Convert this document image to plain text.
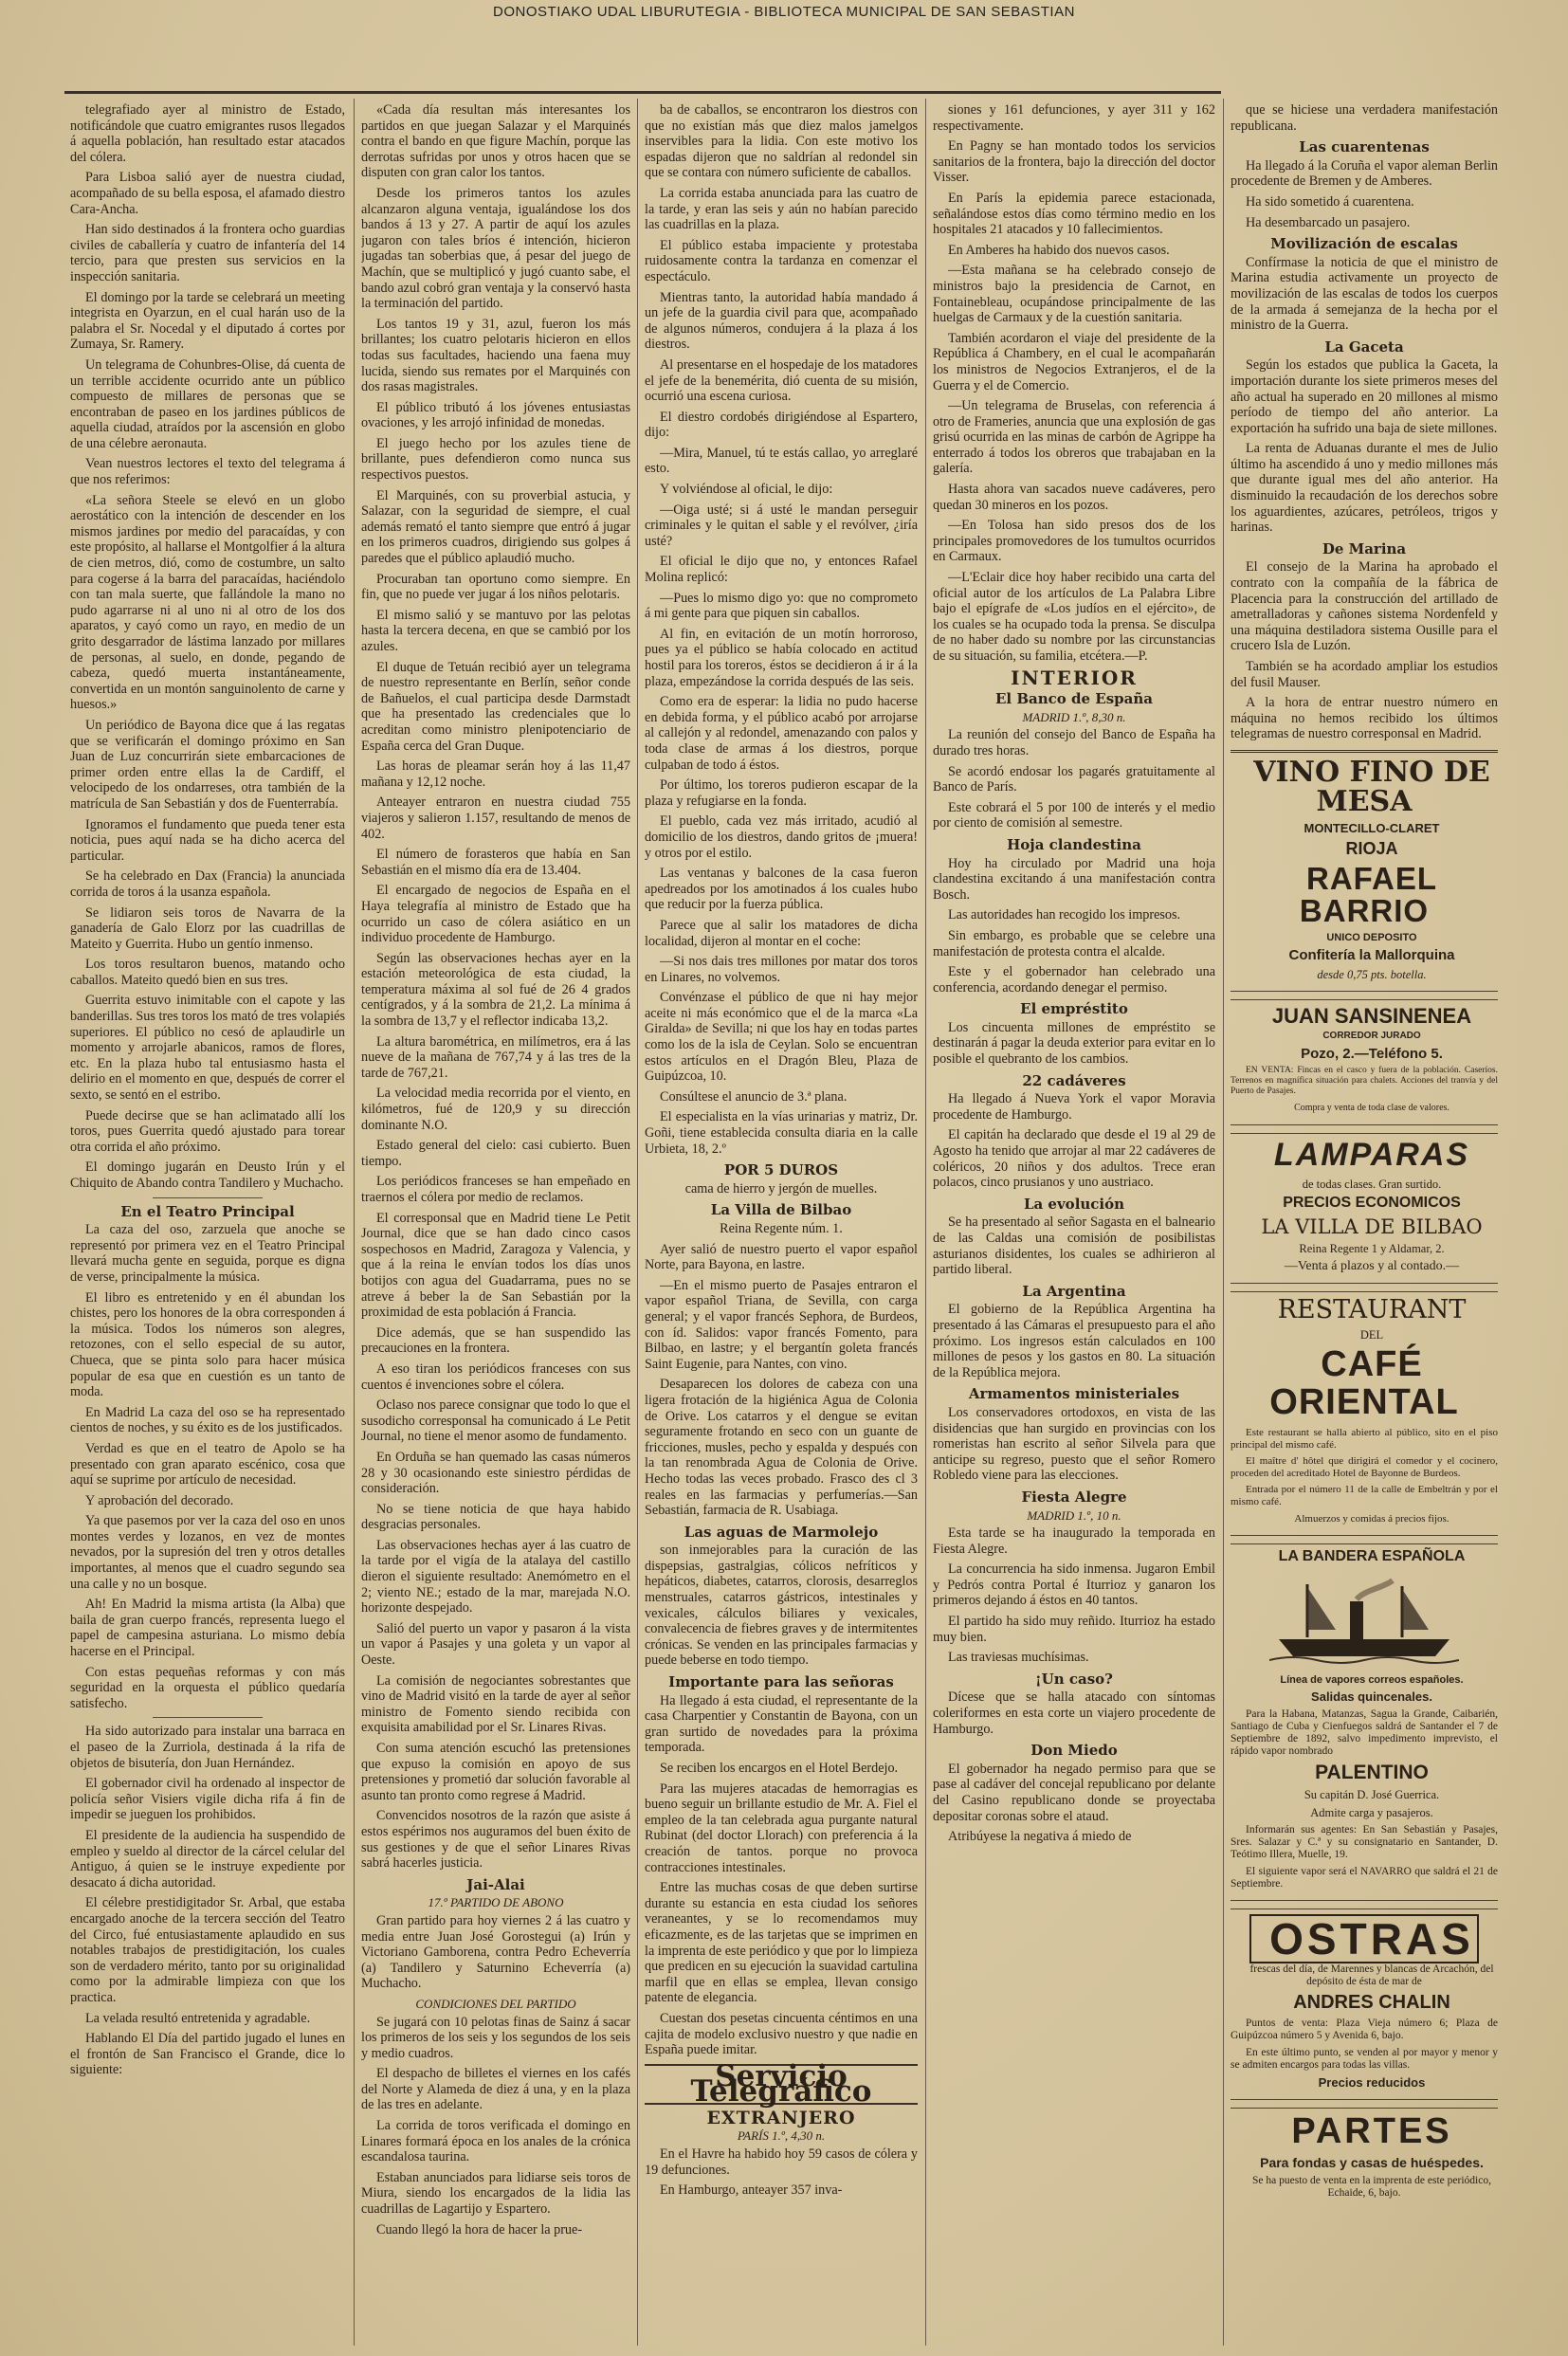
DONOSTIAKO UDAL LIBURUTEGIA - BIBLIOTECA MUNICIPAL DE SAN SEBASTIAN

telegrafiado ayer al ministro de Estado, notificándole que cuatro emigrantes rusos llegados á aquella población, han resultado estar atacados del cólera.

Para Lisboa salió ayer de nuestra ciudad, acompañado de su bella esposa, el afamado diestro Cara-Ancha.

Han sido destinados á la frontera ocho guardias civiles de caballería y cuatro de infantería del 14 tercio, para que presten sus servicios en la inspección sanitaria.

El domingo por la tarde se celebrará un meeting integrista en Oyarzun, en el cual harán uso de la palabra el Sr. Nocedal y el diputado á cortes por Zumaya, Sr. Ramery.

Un telegrama de Cohunbres-Olise, dá cuenta de un terrible accidente ocurrido ante un público compuesto de millares de personas que se encontraban de paseo en los jardines públicos de aquella ciudad, atraídos por la ascensión en globo de una célebre aeronauta.

Vean nuestros lectores el texto del telegrama á que nos referimos:

«La señora Steele se elevó en un globo aerostático con la intención de descender en los mismos jardines por medio del paracaídas, y con este propósito, al hallarse el Montgolfier á la altura de cien metros, dió, como de costumbre, un salto para cogerse á la barra del paracaídas, haciéndolo con tan mala suerte, que fallándole la mano no pudo agarrarse ni al uno ni al otro de los dos aparatos, y cayó como un rayo, en medio de un grito desgarrador de lástima lanzado por millares de personas, al suelo, en donde, pegando de cabeza, quedó muerta instantáneamente, convertida en un montón sanguinolento de carne y huesos.»

Un periódico de Bayona dice que á las regatas que se verificarán el domingo próximo en San Juan de Luz concurrirán siete embarcaciones de primer orden entre ellas la de Cardiff, el velocipedo de los ondarreses, otra también de la matrícula de San Sebastián y dos de Fuenterrabía.

Ignoramos el fundamento que pueda tener esta noticia, pues aquí nada se ha dicho acerca del particular.

Se ha celebrado en Dax (Francia) la anunciada corrida de toros á la usanza española.

Se lidiaron seis toros de Navarra de la ganadería de Galo Elorz por las cuadrillas de Mateito y Guerrita. Hubo un gentío inmenso.

Los toros resultaron buenos, matando ocho caballos. Mateito quedó bien en sus tres.

Guerrita estuvo inimitable con el capote y las banderillas. Sus tres toros los mató de tres volapiés superiores. El público no cesó de aplaudirle un momento y arrojarle abanicos, ramos de flores, etc. En la plaza hubo tal entusiasmo hasta el delirio en el momento en que, después de correr el sexto, se sentó en el estribo.

Puede decirse que se han aclimatado allí los toros, pues Guerrita quedó ajustado para torear otra corrida el año próximo.

El domingo jugarán en Deusto Irún y el Chiquito de Abando contra Tandilero y Muchacho.

En el Teatro Principal

La caza del oso, zarzuela que anoche se representó por primera vez en el Teatro Principal llevará mucha gente en seguida, porque es digna de verse, principalmente la música.

El libro es entretenido y en él abundan los chistes, pero los honores de la obra corresponden á la música. Todos los números son alegres, retozones, con el sello especial de su autor, Chueca, que se pinta solo para hacer música popular de esa que en cuestión es un tanto de moda.

En Madrid La caza del oso se ha representado cientos de noches, y su éxito es de los justificados.

Verdad es que en el teatro de Apolo se ha presentado con gran aparato escénico, cosa que aquí se suprime por artículo de necesidad.

Y aprobación del decorado.

Ya que pasemos por ver la caza del oso en unos montes verdes y lozanos, en vez de montes nevados, por la supresión del tren y otros detalles importantes, al menos que el cuadro segundo sea una calle y no un bosque.

Ah! En Madrid la misma artista (la Alba) que baila de gran cuerpo francés, representa luego el papel de campesina asturiana. Lo mismo debía hacerse en el Principal.

Con estas pequeñas reformas y con más seguridad en la orquesta el público quedaría satisfecho.

Ha sido autorizado para instalar una barraca en el paseo de la Zurriola, destinada á la rifa de objetos de bisutería, don Juan Hernández.

El gobernador civil ha ordenado al inspector de policía señor Visiers vigile dicha rifa á fin de impedir se jueguen los prohibidos.

El presidente de la audiencia ha suspendido de empleo y sueldo al director de la cárcel celular del Antiguo, á quien se le instruye expediente por desacato á dicha autoridad.

El célebre prestidigitador Sr. Arbal, que estaba encargado anoche de la tercera sección del Teatro del Circo, fué entusiastamente aplaudido en sus notables trabajos de prestidigitación, los cuales son de verdadero mérito, tanto por su originalidad como por la admirable limpieza con que los practica.

La velada resultó entretenida y agradable.

Hablando El Día del partido jugado el lunes en el frontón de San Francisco el Grande, dice lo siguiente:

«Cada día resultan más interesantes los partidos en que juegan Salazar y el Marquinés contra el bando en que figure Machín, porque las derrotas sufridas por unos y otros hacen que se disputen con gran calor los tantos.

Desde los primeros tantos los azules alcanzaron alguna ventaja, igualándose los dos bandos á 13 y 27. A partir de aquí los azules jugaron con tales bríos é intención, hicieron jugadas tan soberbias que, á pesar del juego de Machín, que se multiplicó y jugó cuanto sabe, el bando azul cobró gran ventaja y la conservó hasta la terminación del partido.

Los tantos 19 y 31, azul, fueron los más brillantes; los cuatro pelotaris hicieron en ellos todas sus facultades, haciendo una faena muy lucida, siendo sus remates por el Marquinés con dos rasas magistrales.

El público tributó á los jóvenes entusiastas ovaciones, y les arrojó infinidad de monedas.

El juego hecho por los azules tiene de brillante, pues defendieron como nunca sus respectivos puestos.

El Marquinés, con su proverbial astucia, y Salazar, con la seguridad de siempre, el cual además remató el tanto siempre que entró á jugar en los primeros cuadros, dirigiendo sus golpes á paredes que el público aplaudió mucho.

Procuraban tan oportuno como siempre. En fin, que no puede ver jugar á los niños pelotaris.

El mismo salió y se mantuvo por las pelotas hasta la tercera decena, en que se cambió por los azules.

El duque de Tetuán recibió ayer un telegrama de nuestro representante en Berlín, señor conde de Bañuelos, el cual participa desde Darmstadt que ha presentado las credenciales que lo acreditan como ministro plenipotenciario de España cerca del Gran Duque.

Las horas de pleamar serán hoy á las 11,47 mañana y 12,12 noche.

Anteayer entraron en nuestra ciudad 755 viajeros y salieron 1.157, resultando de menos de 402.

El número de forasteros que había en San Sebastián en el mismo día era de 13.404.

El encargado de negocios de España en el Haya telegrafía al ministro de Estado que ha ocurrido un caso de cólera asiático en un individuo procedente de Hamburgo.

Según las observaciones hechas ayer en la estación meteorológica de esta ciudad, la temperatura máxima al sol fué de 26 4 grados centígrados, y á la sombra de 21,2. La mínima á la sombra de 13,7 y el reflector indicaba 13,2.

La altura barométrica, en milímetros, era á las nueve de la mañana de 767,74 y á las tres de la tarde de 767,21.

La velocidad media recorrida por el viento, en kilómetros, fué de 120,9 y su dirección dominante N.O.

Estado general del cielo: casi cubierto. Buen tiempo.

Los periódicos franceses se han empeñado en traernos el cólera por medio de reclamos.

El corresponsal que en Madrid tiene Le Petit Journal, dice que se han dado cinco casos sospechosos en Madrid, Zaragoza y Valencia, y que á la reina le envían todos los días unos botijos con agua del Guadarrama, pues no se atreve á beber la de San Sebastián por la proximidad de esta población á Francia.

Dice además, que se han suspendido las precauciones en la frontera.

A eso tiran los periódicos franceses con sus cuentos é invenciones sobre el cólera.

Oclaso nos parece consignar que todo lo que el susodicho corresponsal ha comunicado á Le Petit Journal, no tiene el menor asomo de fundamento.

En Orduña se han quemado las casas números 28 y 30 ocasionando este siniestro pérdidas de consideración.

No se tiene noticia de que haya habido desgracias personales.

Las observaciones hechas ayer á las cuatro de la tarde por el vigía de la atalaya del castillo dieron el siguiente resultado: Anemómetro en el 2; viento NE.; estado de la mar, marejada N.O. horizonte despejado.

Salió del puerto un vapor y pasaron á la vista un vapor á Pasajes y una goleta y un vapor al Oeste.

La comisión de negociantes sobrestantes que vino de Madrid visitó en la tarde de ayer al señor ministro de Fomento siendo recibida con exquisita amabilidad por el Sr. Linares Rivas.

Con suma atención escuchó las pretensiones que expuso la comisión en apoyo de sus pretensiones y prometió dar solución favorable al asunto tan pronto como regrese á Madrid.

Convencidos nosotros de la razón que asiste á estos espérimos nos auguramos del buen éxito de sus gestiones y de que el señor Linares Rivas sabrá hacerles justicia.

Jai-Alai
17.º PARTIDO DE ABONO

Gran partido para hoy viernes 2 á las cuatro y media entre Juan José Gorostegui (a) Irún y Victoriano Gamborena, contra Pedro Echeverría (a) Tandilero y Saturnino Echeverría (a) Muchacho.

CONDICIONES DEL PARTIDO

Se jugará con 10 pelotas finas de Sainz á sacar los primeros de los seis y los segundos de los seis y medio cuadros.

El despacho de billetes el viernes en los cafés del Norte y Alameda de diez á una, y en la plaza de las tres en adelante.

La corrida de toros verificada el domingo en Linares formará época en los anales de la crónica escandalosa taurina.

Estaban anunciados para lidiarse seis toros de Miura, siendo los encargados de la lidia las cuadrillas de Lagartijo y Espartero.

Cuando llegó la hora de hacer la prue-

ba de caballos, se encontraron los diestros con que no existían más que diez malos jamelgos inservibles para la lidia. Con este motivo los espadas dijeron que no saldrían al redondel sin que se contara con número suficiente de caballos.

La corrida estaba anunciada para las cuatro de la tarde, y eran las seis y aún no habían parecido las cuadrillas en la plaza.

El público estaba impaciente y protestaba ruidosamente contra la tardanza en comenzar el espectáculo.

Mientras tanto, la autoridad había mandado á un jefe de la guardia civil para que, acompañado de algunos números, condujera á la plaza á los diestros.

Al presentarse en el hospedaje de los matadores el jefe de la benemérita, dió cuenta de su misión, ocurrió una escena curiosa.

El diestro cordobés dirigiéndose al Espartero, dijo:

—Mira, Manuel, tú te estás callao, yo arreglaré esto.

Y volviéndose al oficial, le dijo:

—Oiga usté; si á usté le mandan perseguir criminales y le quitan el sable y el revólver, ¿iría usté?

El oficial le dijo que no, y entonces Rafael Molina replicó:

—Pues lo mismo digo yo: que no comprometo á mi gente para que piquen sin caballos.

Al fin, en evitación de un motín horroroso, pues ya el público se había colocado en actitud hostil para los toreros, éstos se decidieron á ir á la plaza, empezándose la corrida después de las seis.

Como era de esperar: la lidia no pudo hacerse en debida forma, y el público acabó por arrojarse al callejón y al redondel, amenazando con palos y toda clase de armas á los diestros, porque culpaban de todo á éstos.

Por último, los toreros pudieron escapar de la plaza y refugiarse en la fonda.

El pueblo, cada vez más irritado, acudió al domicilio de los diestros, dando gritos de ¡muera! y otros por el estilo.

Las ventanas y balcones de la casa fueron apedreados por los amotinados á los cuales hubo que reducir por la fuerza pública.

Parece que al salir los matadores de dicha localidad, dijeron al montar en el coche:

—Si nos dais tres millones por matar dos toros en Linares, no volvemos.

Convénzase el público de que ni hay mejor aceite ni más económico que el de la marca «La Giralda» de Sevilla; ni que los hay en todas partes como los de la isla de Ceylan. Solo se encuentran estos artículos en el Dragón Bleu, Plaza de Guipúzcoa, 10.

Consúltese el anuncio de 3.ª plana.

El especialista en la vías urinarias y matriz, Dr. Goñi, tiene establecida consulta diaria en la calle Urbieta, 18, 2.º

POR 5 DUROS

cama de hierro y jergón de muelles.

La Villa de Bilbao

Reina Regente núm. 1.

Ayer salió de nuestro puerto el vapor español Norte, para Bayona, en lastre.

—En el mismo puerto de Pasajes entraron el vapor español Triana, de Sevilla, con carga general; y el vapor francés Sephora, de Burdeos, con íd. Salidos: vapor francés Fomento, para Bilbao, en lastre; y el bergantín goleta francés Saint Eugenie, para Nantes, con vino.

Desaparecen los dolores de cabeza con una ligera frotación de la higiénica Agua de Colonia de Orive. Los catarros y el dengue se evitan seguramente frotando en seco con un guante de fricciones, musles, pecho y espalda y después con la tan renombrada Agua de Colonia de Orive. Hecho todas las veces probado. Frasco des cl 3 reales en las farmacias y perfumerías.—San Sebastián, farmacia de R. Usabiaga.

Las aguas de Marmolejo

son inmejorables para la curación de las dispepsias, gastralgias, cólicos nefríticos y hepáticos, diabetes, catarros, clorosis, desarreglos menstruales, catarros gástricos, intestinales y vexicales, cálculos biliares y vexicales, convalecencia de fiebres graves y de intermitentes crónicas. Se venden en las principales farmacias y puede beberse en todo tiempo.

Importante para las señoras

Ha llegado á esta ciudad, el representante de la casa Charpentier y Constantin de Bayona, con un gran surtido de novedades para la próxima temporada.

Se reciben los encargos en el Hotel Berdejo.

Para las mujeres atacadas de hemorragias es bueno seguir un brillante estudio de Mr. A. Fiel el empleo de la tan celebrada agua purgante natural Rubinat (del doctor Llorach) con preferencia á la creación de tantos. porque no provoca contracciones intestinales.

Entre las muchas cosas de que deben surtirse durante su estancia en esta ciudad los señores veraneantes, y se lo recomendamos muy eficazmente, es de las tarjetas que se imprimen en la imprenta de este periódico y que por lo limpieza que predicen en su ejecución la suavidad cartulina marfil que en ellas se emplea, llevan consigo patente de elegancia.

Cuestan dos pesetas cincuenta céntimos en una cajita de modelo exclusivo nuestro y que nadie en España puede imitar.

Servicio Telegráfico
EXTRANJERO
PARÍS 1.º, 4,30 n.

En el Havre ha habido hoy 59 casos de cólera y 19 defunciones.

En Hamburgo, anteayer 357 inva-

siones y 161 defunciones, y ayer 311 y 162 respectivamente.

En Pagny se han montado todos los servicios sanitarios de la frontera, bajo la dirección del doctor Visser.

En París la epidemia parece estacionada, señalándose estos días como término medio en los hospitales 21 atacados y 10 fallecimientos.

En Amberes ha habido dos nuevos casos.

—Esta mañana se ha celebrado consejo de ministros bajo la presidencia de Carnot, en Fontainebleau, ocupándose principalmente de las huelgas de Carmaux y de la cuestión sanitaria.

También acordaron el viaje del presidente de la República á Chambery, en el cual le acompañarán los ministros de Negocios Extranjeros, el de la Guerra y el de Comercio.

—Un telegrama de Bruselas, con referencia á otro de Frameries, anuncia que una explosión de gas grisú ocurrida en las minas de carbón de Agrippe ha enterrado á todos los obreros que trabajaban en la galería.

Hasta ahora van sacados nueve cadáveres, pero quedan 30 mineros en los pozos.

—En Tolosa han sido presos dos de los principales promovedores de los tumultos ocurridos en Carmaux.

—L'Eclair dice hoy haber recibido una carta del oficial autor de los artículos de La Palabra Libre bajo el epígrafe de «Los judíos en el ejército», de los cuales se ha ocupado toda la prensa. Se disculpa de no haber dado su nombre por las circunstancias de su situación, su familia, etcétera.—P.

INTERIOR
El Banco de España
MADRID 1.º, 8,30 n.

La reunión del consejo del Banco de España ha durado tres horas.

Se acordó endosar los pagarés gratuitamente al Banco de París.

Este cobrará el 5 por 100 de interés y el medio por ciento de comisión al semestre.

Hoja clandestina

Hoy ha circulado por Madrid una hoja clandestina excitando á una manifestación contra Bosch.

Las autoridades han recogido los impresos.

Sin embargo, es probable que se celebre una manifestación de protesta contra el alcalde.

Este y el gobernador han celebrado una conferencia, acordando denegar el permiso.

El empréstito

Los cincuenta millones de empréstito se destinarán á pagar la deuda exterior para evitar en lo posible el quebranto de los cambios.

22 cadáveres

Ha llegado á Nueva York el vapor Moravia procedente de Hamburgo.

El capitán ha declarado que desde el 19 al 29 de Agosto ha tenido que arrojar al mar 22 cadáveres de coléricos, 20 niños y dos adultos. Trece eran polacos, cinco prusianos y uno austriaco.

La evolución

Se ha presentado al señor Sagasta en el balneario de las Caldas una comisión de posibilistas asturianos disidentes, los cuales se adhirieron al partido liberal.

La Argentina

El gobierno de la República Argentina ha presentado á las Cámaras el presupuesto para el año próximo. Los ingresos están calculados en 100 millones de pesos y los gastos en 80. La situación de la República mejora.

Armamentos ministeriales

Los conservadores ortodoxos, en vista de las disidencias que han surgido en provincias con los romeristas han escrito al señor Silvela para que anticipe su regreso, puesto que el señor Romero Robledo viene para las elecciones.

Fiesta Alegre
MADRID 1.º, 10 n.

Esta tarde se ha inaugurado la temporada en Fiesta Alegre.

La concurrencia ha sido inmensa. Jugaron Embil y Pedrós contra Portal é Iturrioz y ganaron los primeros dejando á éstos en 40 tantos.

El partido ha sido muy reñido. Iturrioz ha estado muy bien.

Las traviesas muchísimas.

¡Un caso?

Dícese que se halla atacado con síntomas coleriformes en esta corte un viajero procedente de Hamburgo.

Don Miedo

El gobernador ha negado permiso para que se pase al cadáver del concejal republicano por delante del Casino republicano donde se proyectaba depositar coronas sobre el ataud.

Atribúyese la negativa á miedo de

que se hiciese una verdadera manifestación republicana.

Las cuarentenas

Ha llegado á la Coruña el vapor aleman Berlin procedente de Bremen y de Amberes.

Ha sido sometido á cuarentena.

Ha desembarcado un pasajero.

Movilización de escalas

Confírmase la noticia de que el ministro de Marina estudia activamente un proyecto de movilización de las escalas de todos los cuerpos de la armada á semejanza de la hecha por el ministro de la Guerra.

La Gaceta

Según los estados que publica la Gaceta, la importación durante los siete primeros meses del año actual ha superado en 20 millones al mismo período de tiempo del año anterior. La exportación ha sufrido una baja de siete millones.

La renta de Aduanas durante el mes de Julio último ha ascendido á uno y medio millones más que durante igual mes del año anterior. Ha disminuido la recaudación de los derechos sobre los aguardientes, azúcares, petróleos, trigos y harinas.

De Marina

El consejo de la Marina ha aprobado el contrato con la compañía de la fábrica de Placencia para la construcción del artillado de ametralladoras y cañones sistema Nordenfeld y una máquina destiladora sistema Ousille para el crucero Isla de Luzón.

También se ha acordado ampliar los estudios del fusil Mauser.

A la hora de entrar nuestro número en máquina no hemos recibido los últimos telegramas de nuestro corresponsal en Madrid.

VINO FINO DE MESA

MONTECILLO-CLARET

RIOJA

RAFAEL BARRIO

UNICO DEPOSITO

Confitería la Mallorquina

desde 0,75 pts. botella.

JUAN SANSINENEA

CORREDOR JURADO

Pozo, 2.—Teléfono 5.

EN VENTA: Fincas en el casco y fuera de la población. Caseríos. Terrenos en magnífica situación para chalets. Acciones del tranvía y del Puerto de Pasajes.

Compra y venta de toda clase de valores.

LAMPARAS

de todas clases. Gran surtido.

PRECIOS ECONOMICOS

LA VILLA DE BILBAO

Reina Regente 1 y Aldamar, 2.

—Venta á plazos y al contado.—

RESTAURANT

DEL

CAFÉ ORIENTAL

Este restaurant se halla abierto al público, sito en el piso principal del mismo café.

El maître d' hôtel que dirigirá el comedor y el cocinero, proceden del acreditado Hotel de Bayonne de Burdeos.

Entrada por el número 11 de la calle de Embeltrán y por el mismo café.

Almuerzos y comidas á precios fijos.

LA BANDERA ESPAÑOLA

Línea de vapores correos españoles.

Salidas quincenales.

Para la Habana, Matanzas, Sagua la Grande, Caibarién, Santiago de Cuba y Cienfuegos saldrá de Santander el 7 de Septiembre de 1892, salvo impedimento imprevisto, el rápido vapor nombrado

PALENTINO

Su capitán D. José Guerrica.

Admite carga y pasajeros.

Informarán sus agentes: En San Sebastián y Pasajes, Sres. Salazar y C.ª y su consignatario en Santander, D. Teótimo Illera, Muelle, 19.

El siguiente vapor será el NAVARRO que saldrá el 21 de Septiembre.

OSTRAS

frescas del día, de Marennes y blancas de Arcachón, del depósito de ésta de mar de

ANDRES CHALIN

Puntos de venta: Plaza Vieja número 6; Plaza de Guipúzcoa número 5 y Avenida 6, bajo.

En este último punto, se venden al por mayor y menor y se admiten encargos para todas las villas.

Precios reducidos

PARTES

Para fondas y casas de huéspedes.

Se ha puesto de venta en la imprenta de este periódico, Echaide, 6, bajo.
